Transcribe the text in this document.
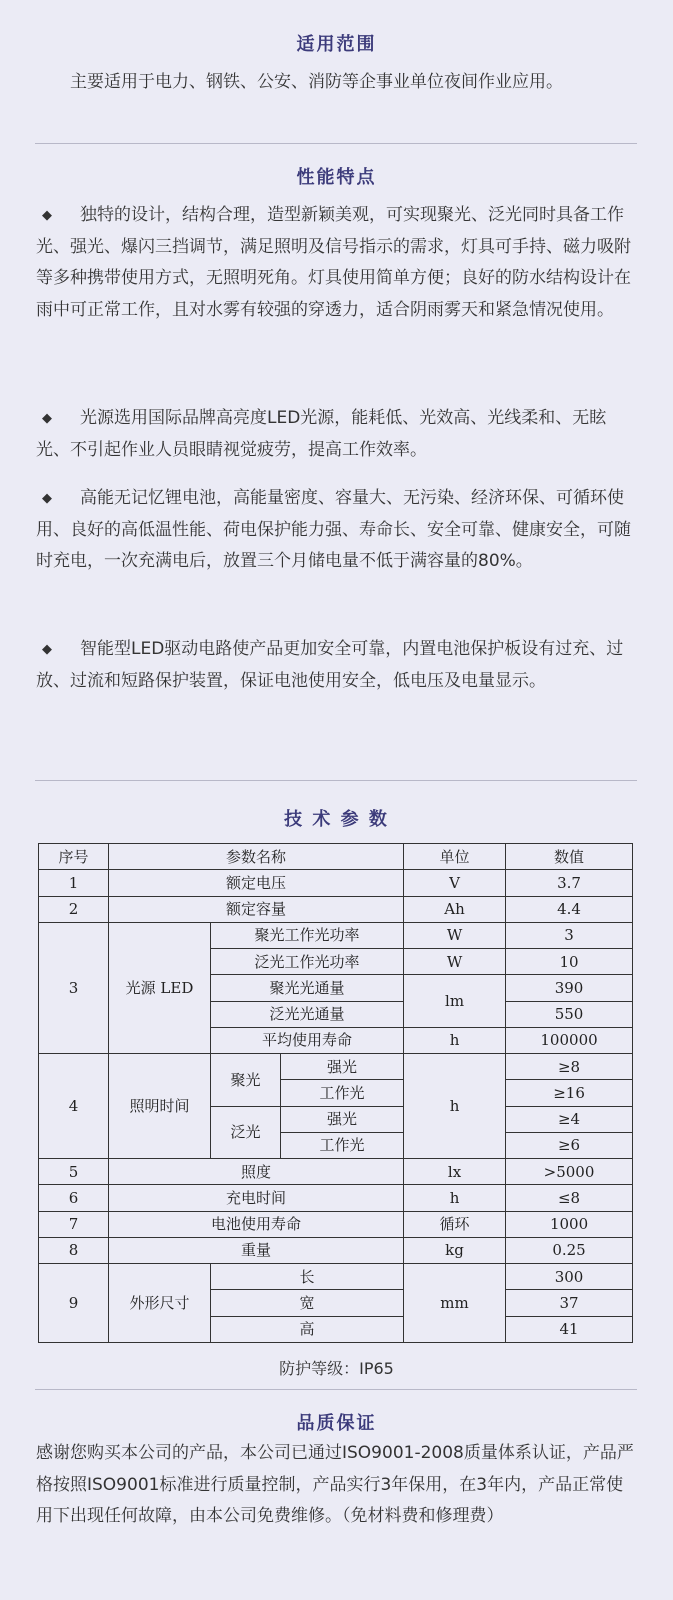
适用范围

主要适用于电力、钢铁、公安、消防等企事业单位夜间作业应用。

性能特点
◆	独特的设计，结构合理，造型新颖美观，可实现聚光、泛光同时具备工作光、强光、爆闪三挡调节，满足照明及信号指示的需求，灯具可手持、磁力吸附等多种携带使用方式，无照明死角。灯具使用简单方便；良好的防水结构设计在雨中可正常工作，且对水雾有较强的穿透力，适合阴雨雾天和紧急情况使用。

◆	光源选用国际品牌高亮度LED光源，能耗低、光效高、光线柔和、无眩光、不引起作业人员眼睛视觉疲劳，提高工作效率。

◆	高能无记忆锂电池，高能量密度、容量大、无污染、经济环保、可循环使用、良好的高低温性能、荷电保护能力强、寿命长、安全可靠、健康安全，可随时充电，一次充满电后，放置三个月储电量不低于满容量的80%。

◆	智能型LED驱动电路使产品更加安全可靠，内置电池保护板设有过充、过放、过流和短路保护装置，保证电池使用安全，低电压及电量显示。

技 术 参 数
序号	参数名称			单位	数值
1	额定电压			V	3.7
2	额定容量			Ah	4.4
3	光源 LED	聚光工作光功率		W	3
		泛光工作光功率		W	10
		聚光光通量		lm	390
		泛光光通量			550
		平均使用寿命		h	100000
4	照明时间	聚光	强光	h	≥8
			工作光		≥16
		泛光	强光		≥4
			工作光		≥6
5	照度			lx	>5000
6	充电时间			h	≤8
7	电池使用寿命			循环	1000
8	重量			kg	0.25
9	外形尺寸	长		mm	300
		宽			37
		高			41
防护等级：IP65
品质保证

感谢您购买本公司的产品，本公司已通过ISO9001-2008质量体系认证，产品严格按照ISO9001标准进行质量控制，产品实行3年保用，在3年内，产品正常使用下出现任何故障，由本公司免费维修。（免材料费和修理费）
